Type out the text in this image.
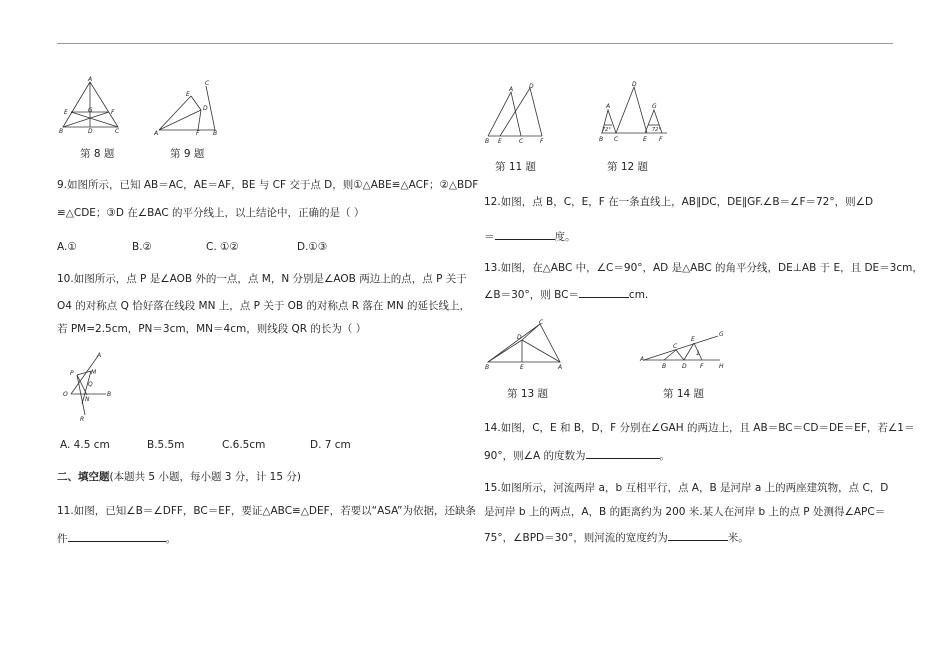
A
E	G	F
B	D	C
C
E
D
A	F B
第 8 题	第 9 题
9.如图所示，已知 AB＝AC，AE＝AF，BE 与 CF 交于点 D，则①△ABE≌△ACF；②△BDF
≌△CDE；③D 在∠BAC 的平分线上，以上结论中，正确的是（ ）
A.①	B.②	C. ①②	D.①③
10.如图所示，点 P 是∠AOB 外的一点，点 M，N 分别是∠AOB 两边上的点，点 P 关于
O4 的对称点 Q 恰好落在线段 MN 上，点 P 关于 OB 的对称点 R 落在 MN 的延长线上，
若 PM=2.5cm，PN＝3cm，MN＝4cm，则线段 QR 的长为（ ）
A
P	M
Q
O
N
B
R
A. 4.5 cm	B.5.5m	C.6.5cm	D. 7 cm
二、填空题(本题共 5 小题，每小题 3 分，计 15 分)
11.如图，已知∠B＝∠DFF，BC＝EF，要证△ABC≌△DEF，若要以“ASA”为依据，还缺条
件	。
A	D
B E	C	F
D
A	G
72°	72°
B C	E F
第 11 题	第 12 题
12.如图，点 B，C，E，F 在一条直线上，AB∥DC，DE∥GF.∠B＝∠F＝72°，则∠D
＝	度。
13.如图，在△ABC 中，∠C＝90°，AD 是△ABC 的角平分线，DE⊥AB 于 E，且 DE＝3cm，
∠B＝30°，则 BC＝	cm.
C
D
B	E	A
G
E
C
1
A
B	D F	H
第 13 题	第 14 题
14.如图，C，E 和 B，D，F 分别在∠GAH 的两边上，且 AB＝BC＝CD＝DE＝EF，若∠1＝
90°，则∠A 的度数为	。
15.如图所示，河流两岸 a，b 互相平行，点 A，B 是河岸 a 上的两座建筑物，点 C，D
是河岸 b 上的两点，A，B 的距离约为 200 米.某人在河岸 b 上的点 P 处测得∠APC＝
75°，∠BPD＝30°，则河流的宽度约为	米。
